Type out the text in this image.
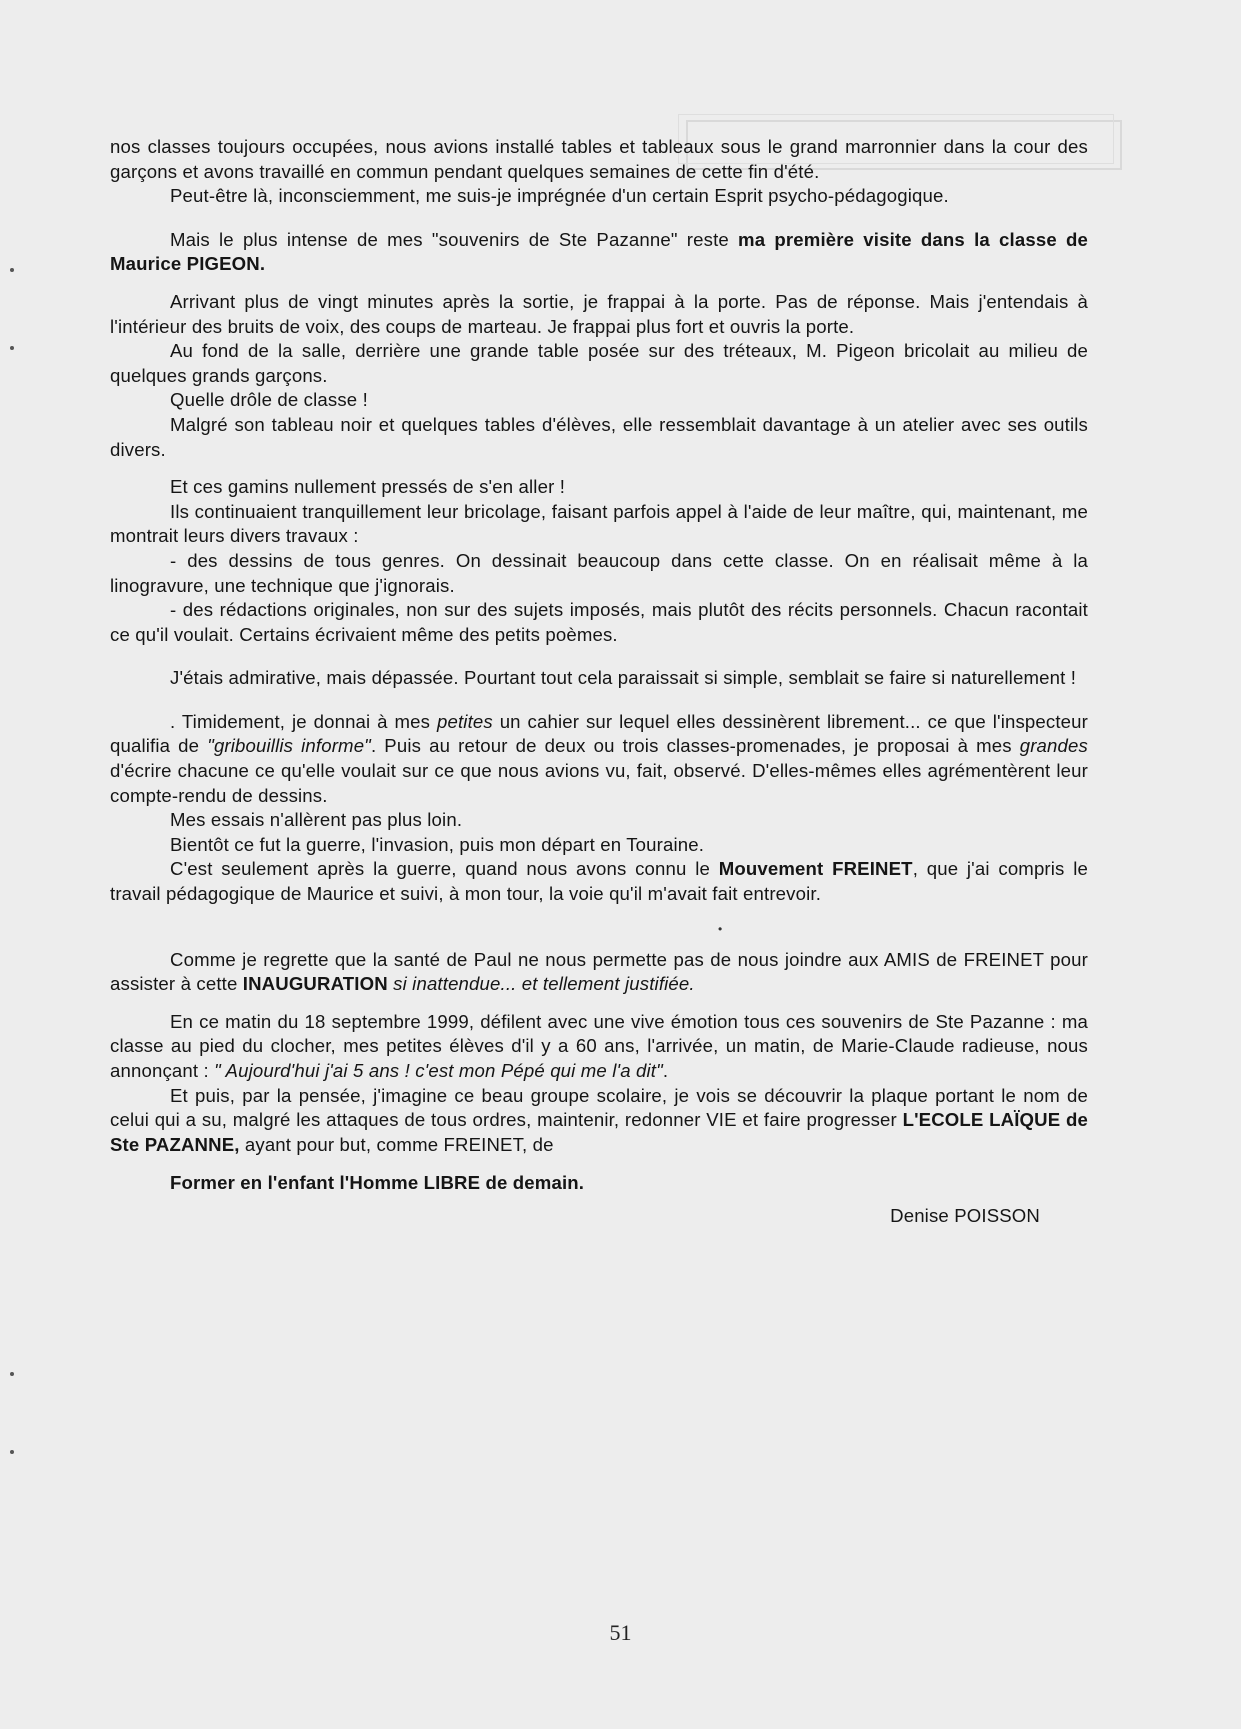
nos classes toujours occupées, nous avions installé tables et tableaux sous le grand marronnier dans la cour des garçons et avons travaillé en commun pendant quelques semaines de cette fin d'été.

Peut-être là, inconsciemment, me suis-je imprégnée d'un certain Esprit psycho-pédagogique.

Mais le plus intense de mes "souvenirs de Ste Pazanne" reste ma première visite dans la classe de Maurice PIGEON.

Arrivant plus de vingt minutes après la sortie, je frappai à la porte. Pas de réponse. Mais j'entendais à l'intérieur des bruits de voix, des coups de marteau. Je frappai plus fort et ouvris la porte.

Au fond de la salle, derrière une grande table posée sur des tréteaux, M. Pigeon bricolait au milieu de quelques grands garçons.

Quelle drôle de classe !

Malgré son tableau noir et quelques tables d'élèves, elle ressemblait davantage à un atelier avec ses outils divers.

Et ces gamins nullement pressés de s'en aller !

Ils continuaient tranquillement leur bricolage, faisant parfois appel à l'aide de leur maître, qui, maintenant, me montrait leurs divers travaux :

- des dessins de tous genres. On dessinait beaucoup dans cette classe. On en réalisait même à la linogravure, une technique que j'ignorais.

- des rédactions originales, non sur des sujets imposés, mais plutôt des récits personnels. Chacun racontait ce qu'il voulait. Certains écrivaient même des petits poèmes.

J'étais admirative, mais dépassée. Pourtant tout cela paraissait si simple, semblait se faire si naturellement !

. Timidement, je donnai à mes petites un cahier sur lequel elles dessinèrent librement... ce que l'inspecteur qualifia de "gribouillis informe". Puis au retour de deux ou trois classes-promenades, je proposai à mes grandes d'écrire chacune ce qu'elle voulait sur ce que nous avions vu, fait, observé. D'elles-mêmes elles agrémentèrent leur compte-rendu de dessins.

Mes essais n'allèrent pas plus loin.

Bientôt ce fut la guerre, l'invasion, puis mon départ en Touraine.

C'est seulement après la guerre, quand nous avons connu le Mouvement FREINET, que j'ai compris le travail pédagogique de Maurice et suivi, à mon tour, la voie qu'il m'avait fait entrevoir.

•

Comme je regrette que la santé de Paul ne nous permette pas de nous joindre aux AMIS de FREINET pour assister à cette INAUGURATION si inattendue... et tellement justifiée.

En ce matin du 18 septembre 1999, défilent avec une vive émotion tous ces souvenirs de Ste Pazanne : ma classe au pied du clocher, mes petites élèves d'il y a 60 ans, l'arrivée, un matin, de Marie-Claude radieuse, nous annonçant : " Aujourd'hui j'ai 5 ans ! c'est mon Pépé qui me l'a dit".

Et puis, par la pensée, j'imagine ce beau groupe scolaire, je vois se découvrir la plaque portant le nom de celui qui a su, malgré les attaques de tous ordres, maintenir, redonner VIE et faire progresser L'ECOLE LAÏQUE de Ste PAZANNE, ayant pour but, comme FREINET, de

Former en l'enfant l'Homme LIBRE de demain.

Denise POISSON

51
